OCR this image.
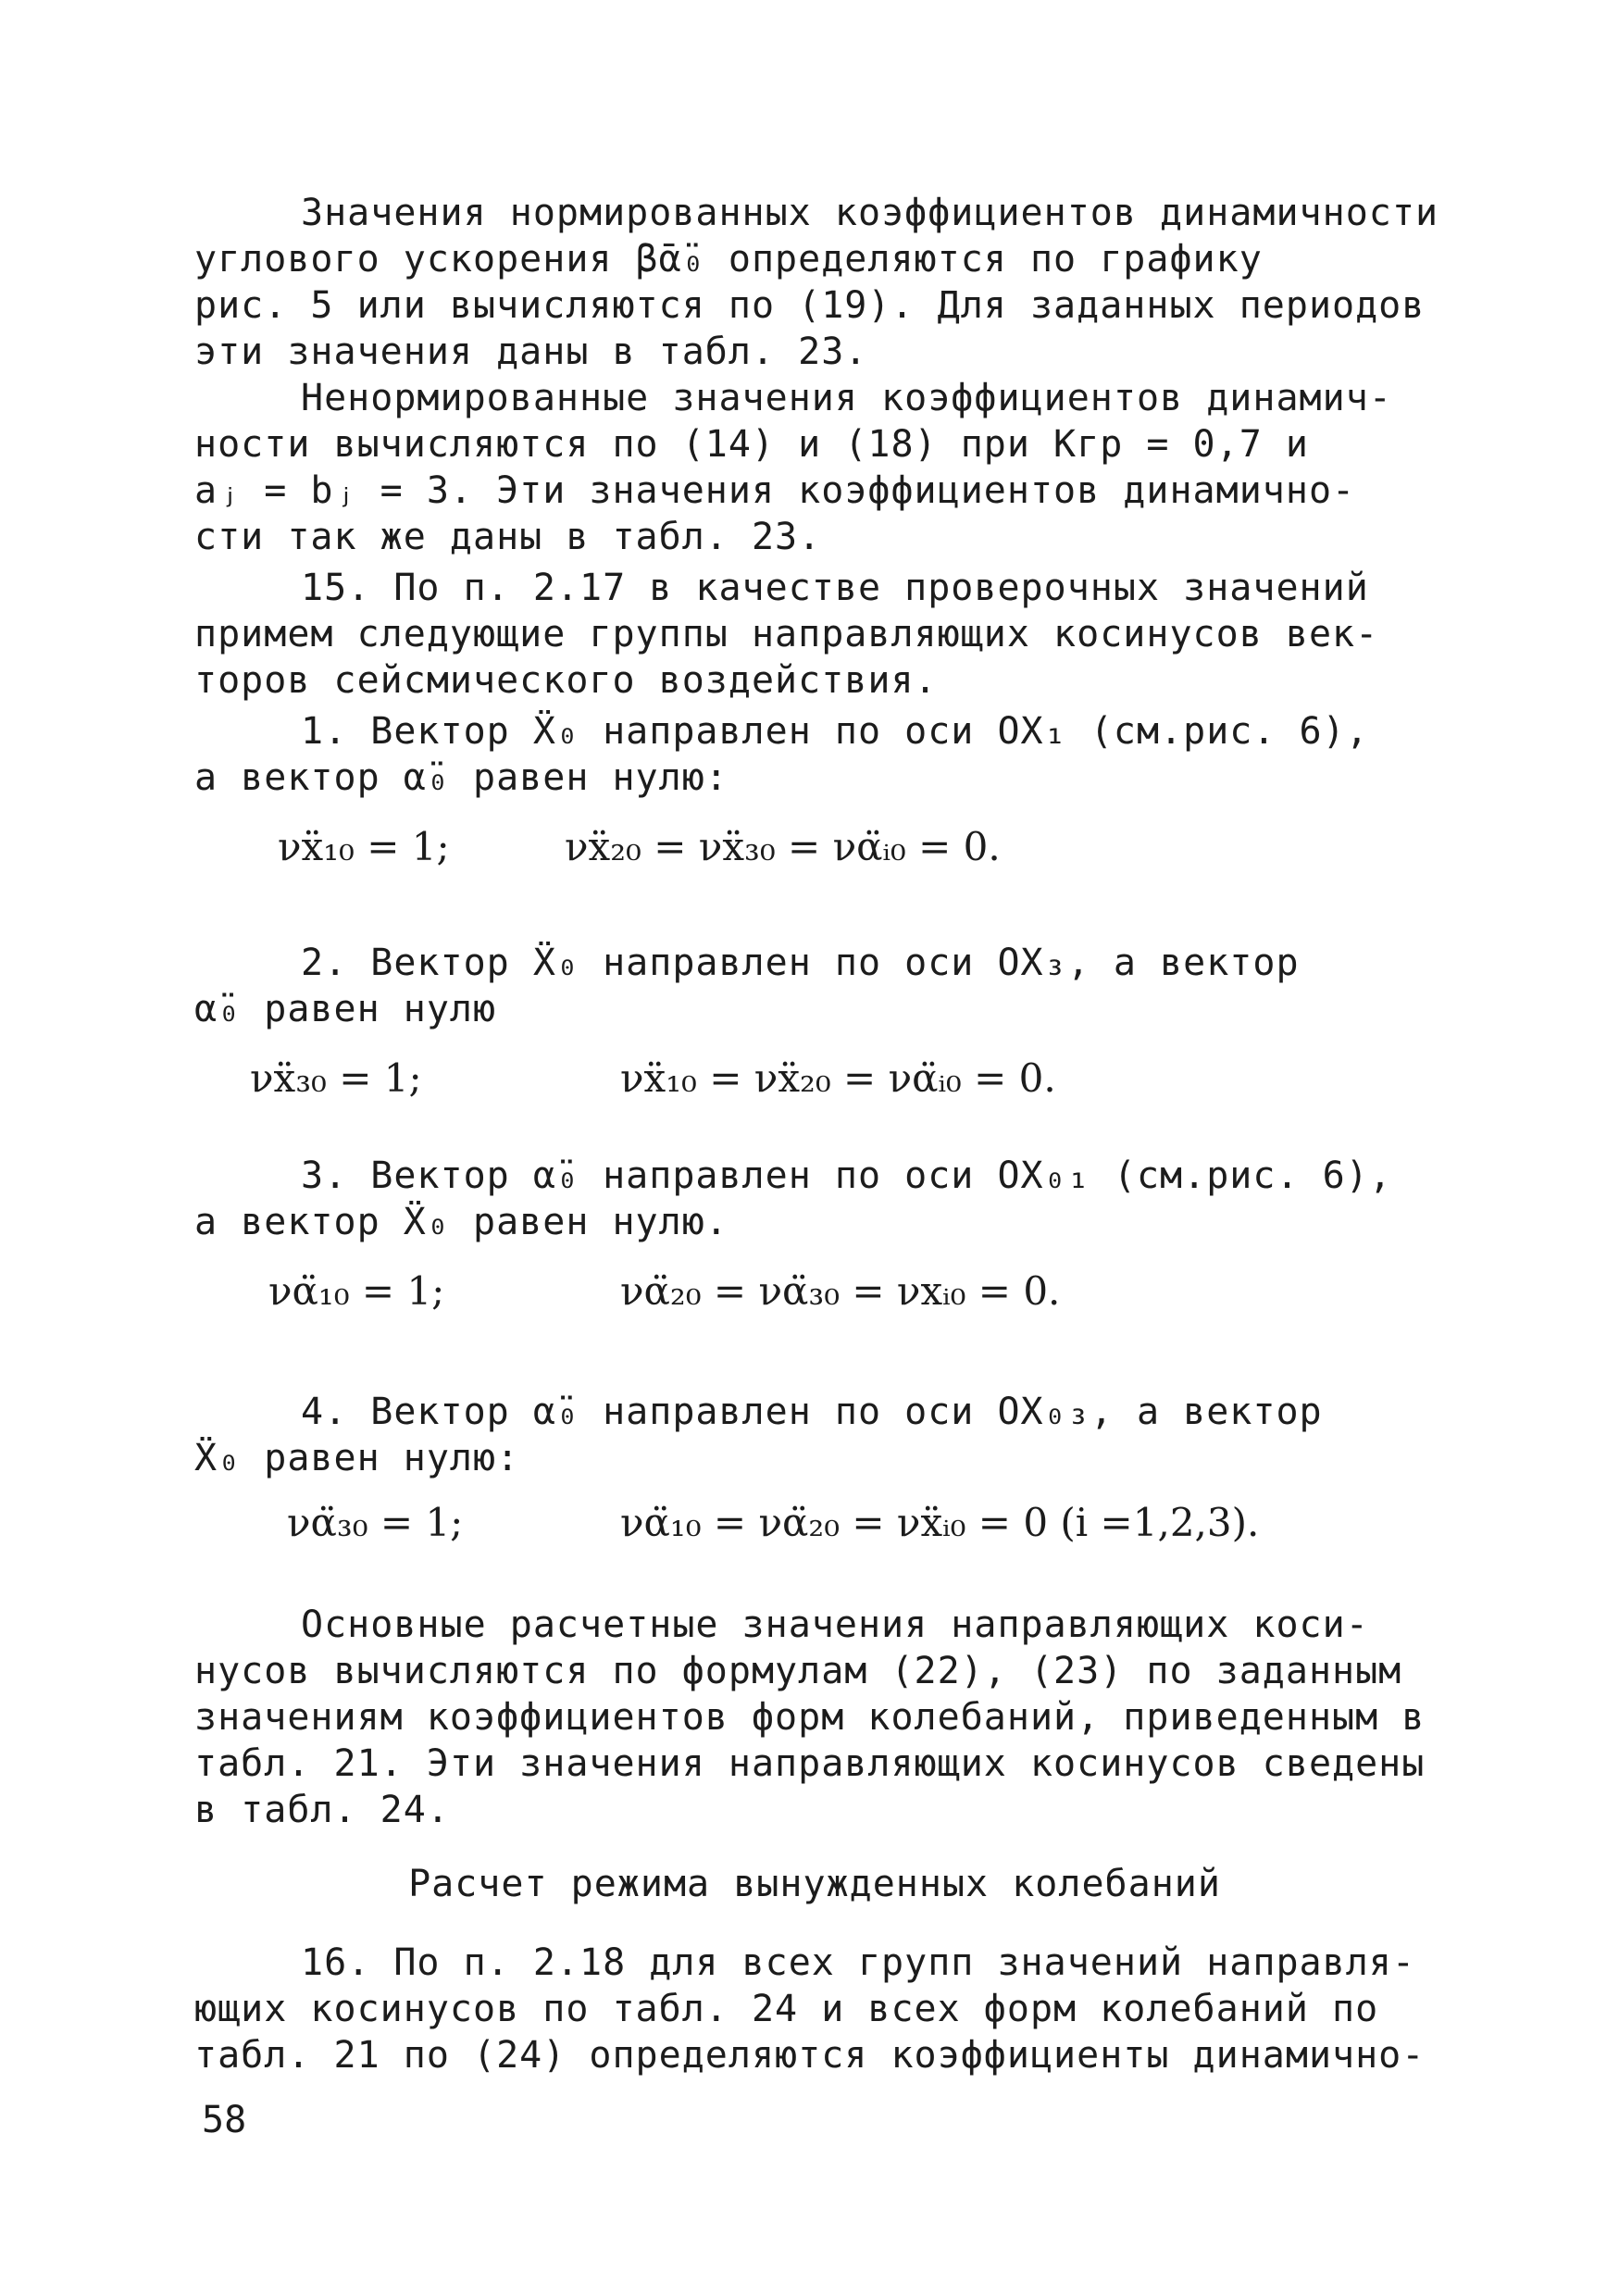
Значения нормированных коэффициентов динамичности
углового ускорения β̄α̈₀ определяются по графику
рис. 5 или вычисляются по (19). Для заданных периодов
эти значения даны в табл. 23.
Ненормированные значения коэффициентов динамич-
ности вычисляются по (14) и (18) при Kгр = 0,7 и
aⱼ = bⱼ = 3. Эти значения коэффициентов динамично-
сти так же даны в табл. 23.
15. По п. 2.17 в качестве проверочных значений
примем следующие группы направляющих косинусов век-
торов сейсмического воздействия.
1. Вектор Ẍ₀ направлен по оси OX₁ (см.рис. 6),
а вектор α̈₀ равен нулю:
νẍ₁₀ = 1;	νẍ₂₀ = νẍ₃₀ = να̈ᵢ₀ = 0.
2. Вектор Ẍ₀ направлен по оси OX₃, а вектор
α̈₀ равен нулю
νẍ₃₀ = 1;	νẍ₁₀ = νẍ₂₀ = να̈ᵢ₀ = 0.
3. Вектор α̈₀ направлен по оси OX₀₁ (см.рис. 6),
а вектор Ẍ₀ равен нулю.
να̈₁₀ = 1;	να̈₂₀ = να̈₃₀ = νxᵢ₀ = 0.
4. Вектор α̈₀ направлен по оси OX₀₃, а вектор
Ẍ₀ равен нулю:
να̈₃₀ = 1;	να̈₁₀ = να̈₂₀ = νẍᵢ₀ = 0 (i =1,2,3).
Основные расчетные значения направляющих коси-
нусов вычисляются по формулам (22), (23) по заданным
значениям коэффициентов форм колебаний, приведенным в
табл. 21. Эти значения направляющих косинусов сведены
в табл. 24.
Расчет режима вынужденных колебаний
16. По п. 2.18 для всех групп значений направля-
ющих косинусов по табл. 24 и всех форм колебаний по
табл. 21 по (24) определяются коэффициенты динамично-
58
